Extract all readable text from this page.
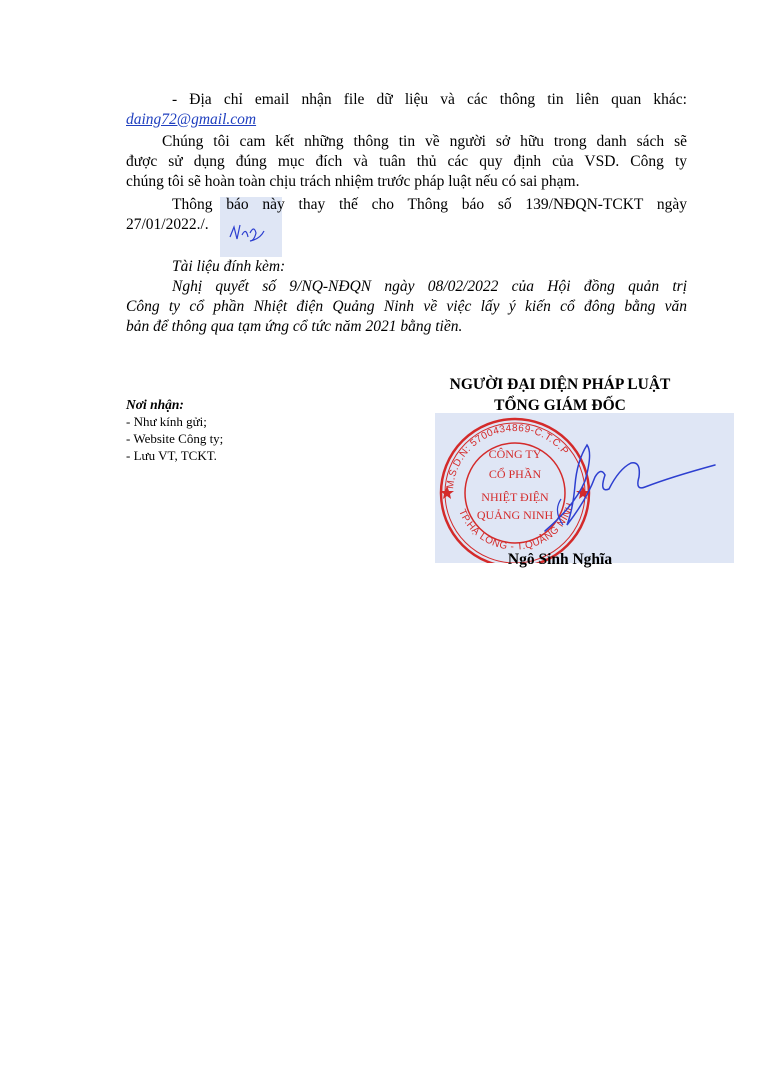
- Địa chỉ email nhận file dữ liệu và các thông tin liên quan khác:
daing72@gmail.com
Chúng tôi cam kết những thông tin về người sở hữu trong danh sách sẽ
được sử dụng đúng mục đích và tuân thủ các quy định của VSD. Công ty
chúng tôi sẽ hoàn toàn chịu trách nhiệm trước pháp luật nếu có sai phạm.
Thông báo này thay thế cho Thông báo số 139/NĐQN-TCKT ngày
27/01/2022./.
Tài liệu đính kèm:
Nghị quyết số 9/NQ-NĐQN ngày 08/02/2022 của Hội đồng quản trị
Công ty cổ phần Nhiệt điện Quảng Ninh về việc lấy ý kiến cổ đông bằng văn
bản để thông qua tạm ứng cổ tức năm 2021 bằng tiền.
NGƯỜI ĐẠI DIỆN PHÁP LUẬT
Nơi nhận:
- Như kính gửi;
- Website Công ty;
- Lưu VT, TCKT.
M.S.D.N: 5700434869-C.T.C.P
TP.HẠ LONG - T.QUẢNG NINH
CÔNG TY
CỔ PHẦN
NHIỆT ĐIỆN
QUẢNG NINH
TỔNG GIÁM ĐỐC
Ngô Sinh Nghĩa
